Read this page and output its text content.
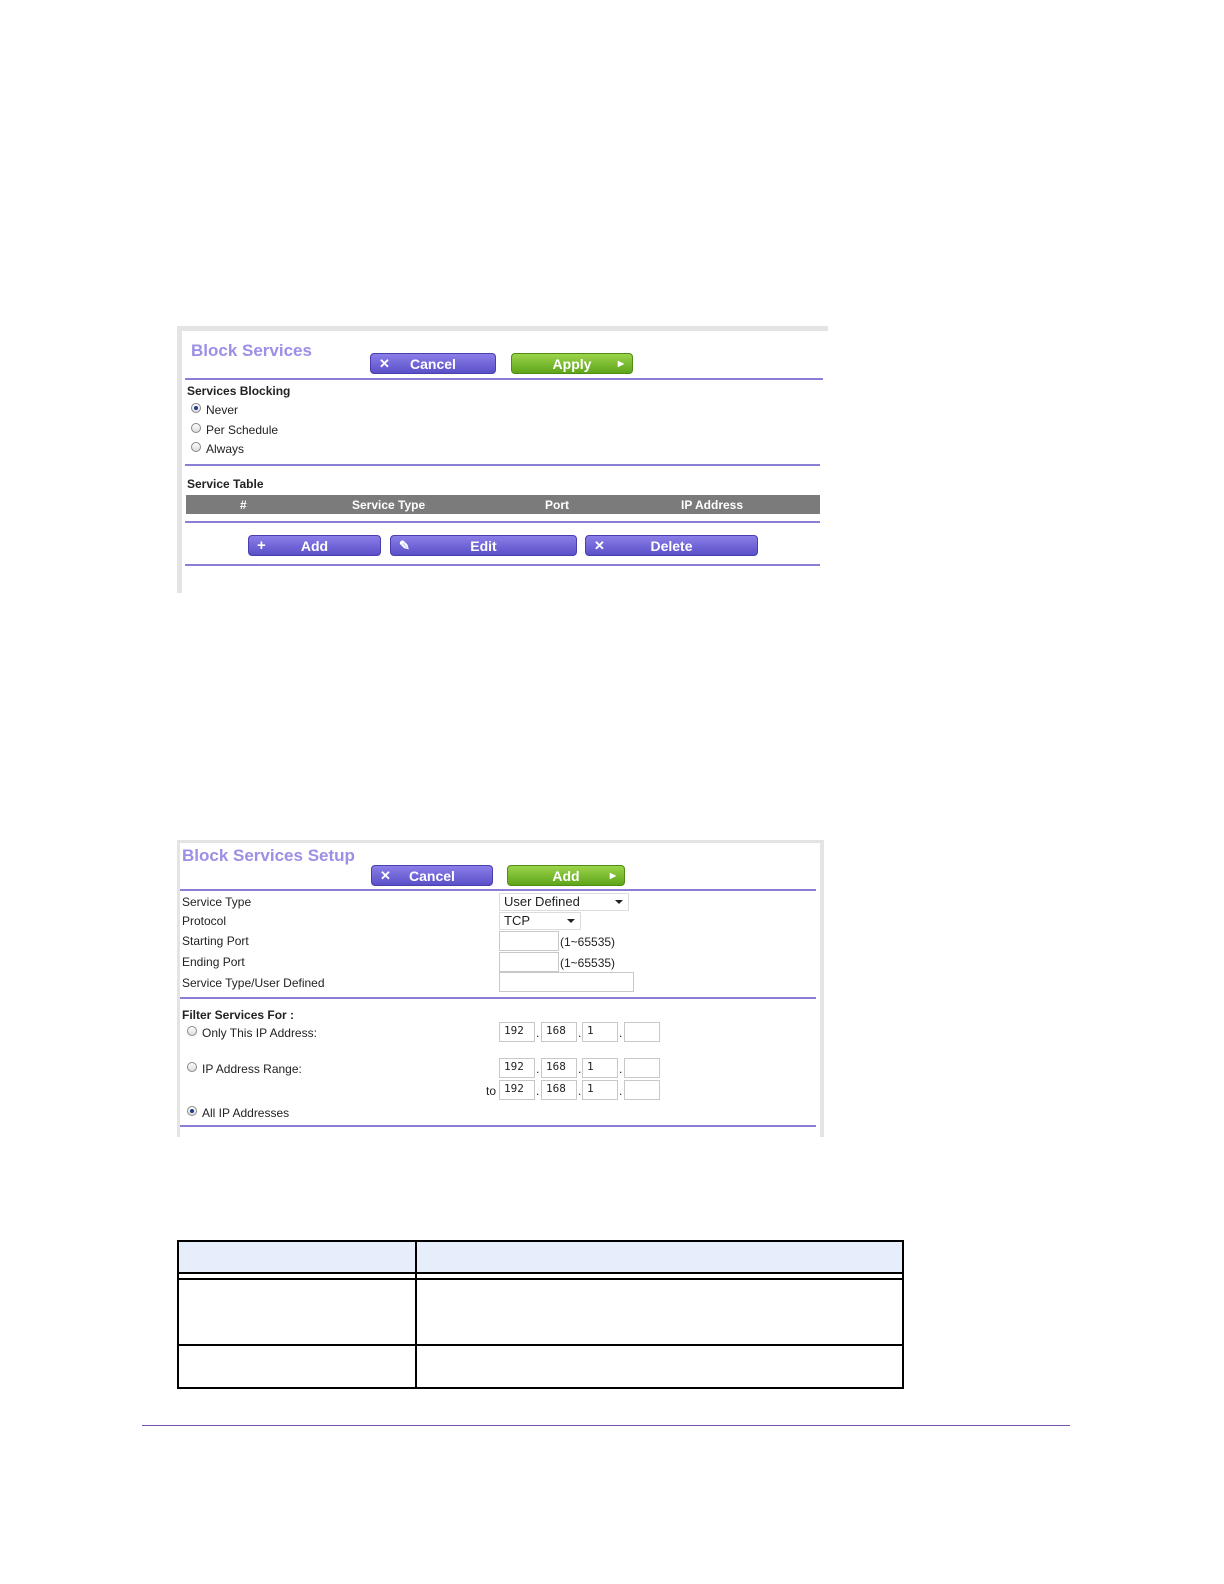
Block Services
✕	Cancel	Apply	▶
Services Blocking
Never
Per Schedule
Always
Service Table
#	Service Type	Port	IP Address
+	Add	✎	Edit	✕	Delete
Block Services Setup
✕	Cancel	Add	▶
Service Type	User Defined
Protocol	TCP
Starting Port	(1~65535)
Ending Port	(1~65535)
Service Type/User Defined
Filter Services For :
Only This IP Address:	192	. 168	. 1	.
IP Address Range:	192	. 168	. 1	.
to 192	. 168	. 1	.
All IP Addresses
